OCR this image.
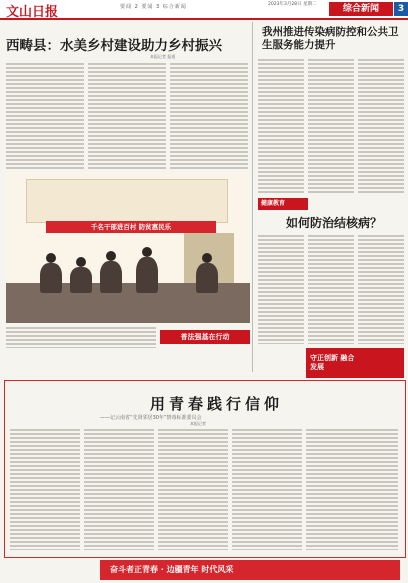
文山日报	要闻 2 要闻 3 综合新闻	2023年3月28日 星期二	综合新闻	3
西畴县：水美乡村建设助力乡村振兴
本报记者 报道
我州推进传染病防控和公共卫生服务能力提升
千名干部进百村 防贫惠民乐
普法强基在行动
健康教育
如何防治结核病？
守正创新 融合发展
用青春践行信仰
——记云南省“先贤邻居30年”禁毒标准委员会
本报记者
奋斗者正青春 · 边疆青年 时代风采
